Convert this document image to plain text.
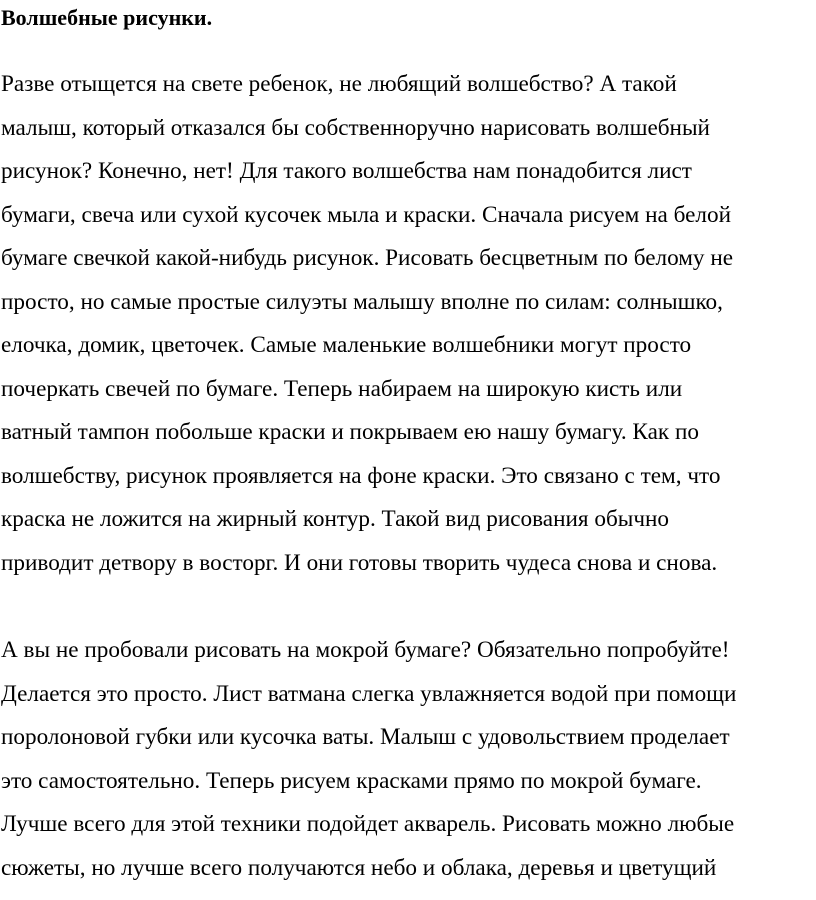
Волшебные рисунки.

Разве отыщется на свете ребенок, не любящий волшебство? А такой
малыш, который отказался бы собственноручно нарисовать волшебный
рисунок? Конечно, нет! Для такого волшебства нам понадобится лист
бумаги, свеча или сухой кусочек мыла и краски. Сначала рисуем на белой
бумаге свечкой какой-нибудь рисунок. Рисовать бесцветным по белому не
просто, но самые простые силуэты малышу вполне по силам: солнышко,
елочка, домик, цветочек. Самые маленькие волшебники могут просто
почеркать свечей по бумаге. Теперь набираем на широкую кисть или
ватный тампон побольше краски и покрываем ею нашу бумагу. Как по
волшебству, рисунок проявляется на фоне краски. Это связано с тем, что
краска не ложится на жирный контур. Такой вид рисования обычно
приводит детвору в восторг. И они готовы творить чудеса снова и снова.

А вы не пробовали рисовать на мокрой бумаге? Обязательно попробуйте!
Делается это просто. Лист ватмана слегка увлажняется водой при помощи
поролоновой губки или кусочка ваты. Малыш с удовольствием проделает
это самостоятельно. Теперь рисуем красками прямо по мокрой бумаге.
Лучше всего для этой техники подойдет акварель. Рисовать можно любые
сюжеты, но лучше всего получаются небо и облака, деревья и цветущий
